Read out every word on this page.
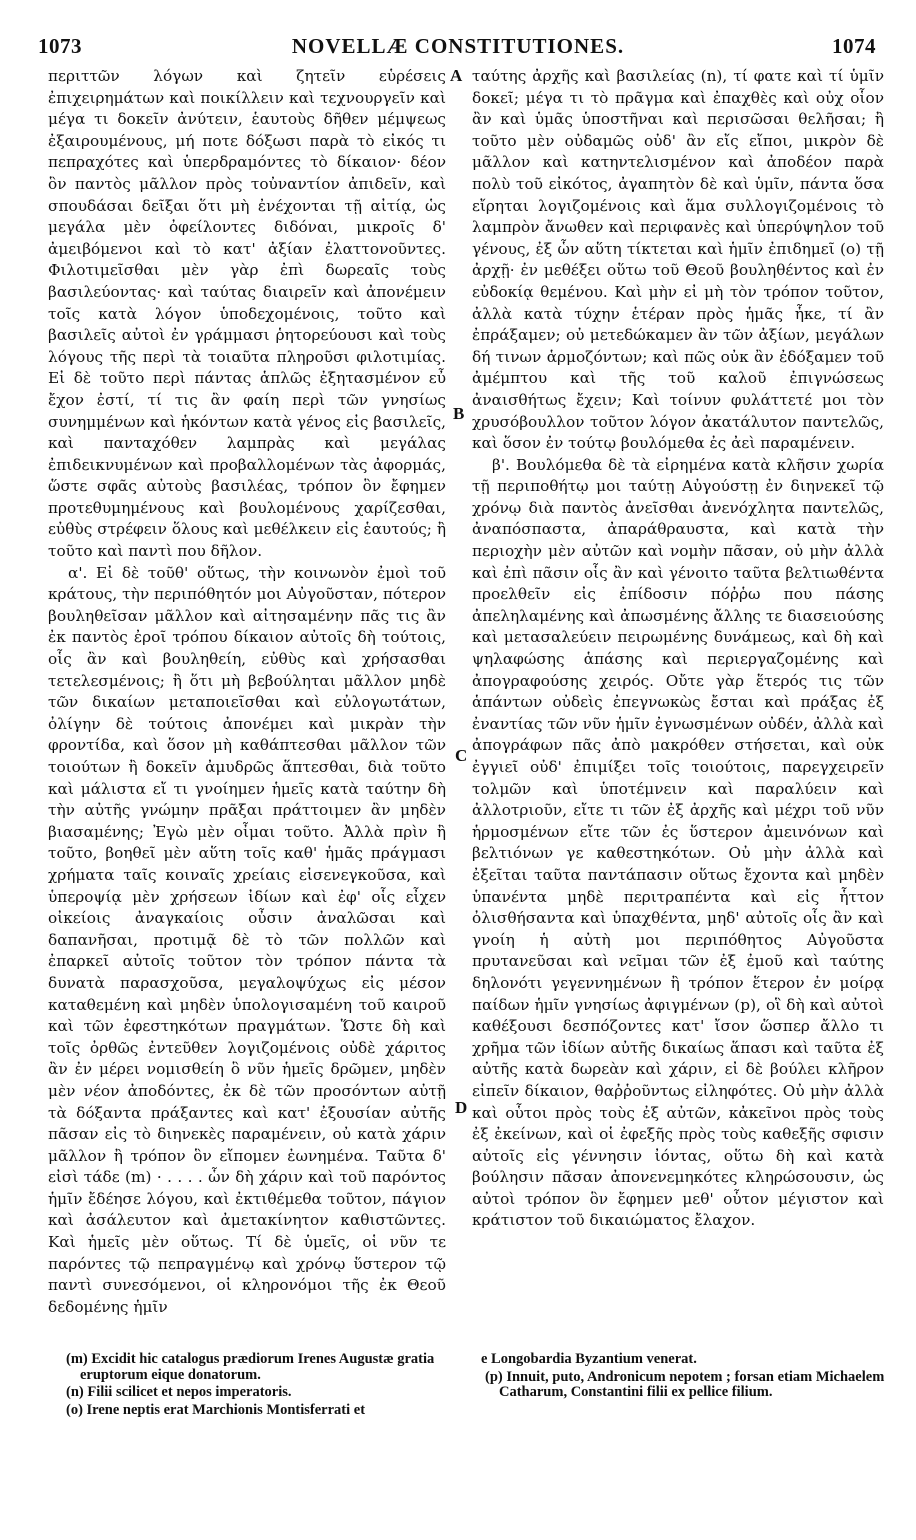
1073	NOVELLÆ CONSTITUTIONES.	1074

περιττῶν λόγων καὶ ζητεῖν εὑρέσεις ἐπιχειρημάτων καὶ ποικίλλειν καὶ τεχνουργεῖν καὶ μέγα τι δοκεῖν ἀνύτειν, ἑαυτοὺς δῆθεν μέμψεως ἐξαιρουμένους, μή ποτε δόξωσι παρὰ τὸ εἰκός τι πεπραχότες καὶ ὑπερδραμόντες τὸ δίκαιον· δέον ὃν παντὸς μᾶλλον πρὸς τοὐναντίον ἀπιδεῖν, καὶ σπουδάσαι δεῖξαι ὅτι μὴ ἐνέχονται τῇ αἰτίᾳ, ὡς μεγάλα μὲν ὀφείλοντες διδόναι, μικροῖς δ' ἀμειβόμενοι καὶ τὸ κατ' ἀξίαν ἐλαττονοῦντες. Φιλοτιμεῖσθαι μὲν γὰρ ἐπὶ δωρεαῖς τοὺς βασιλεύοντας· καὶ ταύτας διαιρεῖν καὶ ἀπονέμειν τοῖς κατὰ λόγον ὑποδεχομένοις, τοῦτο καὶ βασιλεῖς αὐτοὶ ἐν γράμμασι ῥητορεύουσι καὶ τοὺς λόγους τῆς περὶ τὰ τοιαῦτα πληροῦσι φιλοτιμίας. Εἰ δὲ τοῦτο περὶ πάντας ἁπλῶς ἐξητασμένον εὖ ἔχον ἐστί, τί τις ἂν φαίη περὶ τῶν γνησίως συνημμένων καὶ ἡκόντων κατὰ γένος εἰς βασιλεῖς, καὶ πανταχόθεν λαμπρὰς καὶ μεγάλας ἐπιδεικνυμένων καὶ προβαλλομένων τὰς ἀφορμάς, ὥστε σφᾶς αὐτοὺς βασιλέας, τρόπον ὃν ἔφημεν προτεθυμημένους καὶ βουλομένους χαρίζεσθαι, εὐθὺς στρέφειν ὅλους καὶ μεθέλκειν εἰς ἑαυτούς; ἢ τοῦτο καὶ παντὶ που δῆλον.

α'. Εἰ δὲ τοῦθ' οὕτως, τὴν κοινωνὸν ἐμοὶ τοῦ κράτους, τὴν περιπόθητόν μοι Αὐγοῦσταν, πότερον βουληθεῖσαν μᾶλλον καὶ αἰτησαμένην πᾶς τις ἂν ἐκ παντὸς ἐροῖ τρόπου δίκαιον αὐτοῖς δὴ τούτοις, οἷς ἂν καὶ βουληθείη, εὐθὺς καὶ χρήσασθαι τετελεσμένοις; ἢ ὅτι μὴ βεβούληται μᾶλλον μηδὲ τῶν δικαίων μεταποιεῖσθαι καὶ εὐλογωτάτων, ὀλίγην δὲ τούτοις ἀπονέμει καὶ μικρὰν τὴν φροντίδα, καὶ ὅσον μὴ καθάπτεσθαι μᾶλλον τῶν τοιούτων ἢ δοκεῖν ἀμυδρῶς ἅπτεσθαι, διὰ τοῦτο καὶ μάλιστα εἴ τι γνοίημεν ἡμεῖς κατὰ ταύτην δὴ τὴν αὐτῆς γνώμην πρᾶξαι πράττοιμεν ἂν μηδὲν βιασαμένης; Ἐγὼ μὲν οἶμαι τοῦτο. Ἀλλὰ πρὶν ἢ τοῦτο, βοηθεῖ μὲν αὕτη τοῖς καθ' ἡμᾶς πράγμασι χρήματα ταῖς κοιναῖς χρείαις εἰσενεγκοῦσα, καὶ ὑπεροψίᾳ μὲν χρήσεων ἰδίων καὶ ἐφ' οἷς εἶχεν οἰκείοις ἀναγκαίοις οὖσιν ἀναλῶσαι καὶ δαπανῆσαι, προτιμᾷ δὲ τὸ τῶν πολλῶν καὶ ἐπαρκεῖ αὐτοῖς τοῦτον τὸν τρόπον πάντα τὰ δυνατὰ παρασχοῦσα, μεγαλοψύχως εἰς μέσον καταθεμένη καὶ μηδὲν ὑπολογισαμένη τοῦ καιροῦ καὶ τῶν ἐφεστηκότων πραγμάτων. Ὥστε δὴ καὶ τοῖς ὀρθῶς ἐντεῦθεν λογιζομένοις οὐδὲ χάριτος ἂν ἐν μέρει νομισθείη ὃ νῦν ἡμεῖς δρῶμεν, μηδὲν μὲν νέον ἀποδόντες, ἐκ δὲ τῶν προσόντων αὐτῇ τὰ δόξαντα πράξαντες καὶ κατ' ἐξουσίαν αὐτῆς πᾶσαν εἰς τὸ διηνεκὲς παραμένειν, οὐ κατὰ χάριν μᾶλλον ἢ τρόπον ὃν εἴπομεν ἐωνημένα. Ταῦτα δ' εἰσὶ τάδε (m) · . . . . ὧν δὴ χάριν καὶ τοῦ παρόντος ἡμῖν ἔδέησε λόγου, καὶ ἐκτιθέμεθα τοῦτον, πάγιον καὶ ἀσάλευτον καὶ ἀμετακίνητον καθιστῶντες. Καὶ ἡμεῖς μὲν οὕτως. Τί δὲ ὑμεῖς, οἱ νῦν τε παρόντες τῷ πεπραγμένῳ καὶ χρόνῳ ὕστερον τῷ παντὶ συνεσόμενοι, οἱ κληρονόμοι τῆς ἐκ Θεοῦ δεδομένης ἡμῖν

A
B
C
D

ταύτης ἀρχῆς καὶ βασιλείας (n), τί φατε καὶ τί ὑμῖν δοκεῖ; μέγα τι τὸ πρᾶγμα καὶ ἐπαχθὲς καὶ οὐχ οἷον ἂν καὶ ὑμᾶς ὑποστῆναι καὶ περισῶσαι θελῆσαι; ἢ τοῦτο μὲν οὐδαμῶς οὐδ' ἂν εἴς εἴποι, μικρὸν δὲ μᾶλλον καὶ κατηντελισμένον καὶ ἀποδέον παρὰ πολὺ τοῦ εἰκότος, ἀγαπητὸν δὲ καὶ ὑμῖν, πάντα ὅσα εἴρηται λογιζομένοις καὶ ἅμα συλλογιζομένοις τὸ λαμπρὸν ἄνωθεν καὶ περιφανὲς καὶ ὑπερύψηλον τοῦ γένους, ἐξ ὧν αὕτη τίκτεται καὶ ἡμῖν ἐπιδημεῖ (o) τῇ ἀρχῇ· ἐν μεθέξει οὕτω τοῦ Θεοῦ βουληθέντος καὶ ἐν εὐδοκίᾳ θεμένου. Καὶ μὴν εἰ μὴ τὸν τρόπον τοῦτον, ἀλλὰ κατὰ τύχην ἑτέραν πρὸς ἡμᾶς ἧκε, τί ἂν ἐπράξαμεν; οὐ μετεδώκαμεν ἂν τῶν ἀξίων, μεγάλων δή τινων ἁρμοζόντων; καὶ πῶς οὐκ ἂν ἐδόξαμεν τοῦ ἀμέμπτου καὶ τῆς τοῦ καλοῦ ἐπιγνώσεως ἀναισθήτως ἔχειν; Καὶ τοίνυν φυλάττετέ μοι τὸν χρυσόβουλλον τοῦτον λόγον ἀκατάλυτον παντελῶς, καὶ ὅσον ἐν τούτῳ βουλόμεθα ἐς ἀεὶ παραμένειν.

β'. Βουλόμεθα δὲ τὰ εἰρημένα κατὰ κλῆσιν χωρία τῇ περιποθήτῳ μοι ταύτῃ Αὐγούστῃ ἐν διηνεκεῖ τῷ χρόνῳ διὰ παντὸς ἀνεῖσθαι ἀνενόχλητα παντελῶς, ἀναπόσπαστα, ἀπαράθραυστα, καὶ κατὰ τὴν περιοχὴν μὲν αὐτῶν καὶ νομὴν πᾶσαν, οὐ μὴν ἀλλὰ καὶ ἐπὶ πᾶσιν οἷς ἂν καὶ γένοιτο ταῦτα βελτιωθέντα προελθεῖν εἰς ἐπίδοσιν πόῤῥω που πάσης ἀπεληλαμένης καὶ ἀπωσμένης ἄλλης τε διασειούσης καὶ μετασαλεύειν πειρωμένης δυνάμεως, καὶ δὴ καὶ ψηλαφώσης ἁπάσης καὶ περιεργαζομένης καὶ ἀπογραφούσης χειρός. Οὔτε γὰρ ἕτερός τις τῶν ἁπάντων οὐδεὶς ἐπεγνωκὼς ἔσται καὶ πράξας ἐξ ἐναντίας τῶν νῦν ἡμῖν ἐγνωσμένων οὐδέν, ἀλλὰ καὶ ἀπογράφων πᾶς ἀπὸ μακρόθεν στήσεται, καὶ οὐκ ἐγγιεῖ οὐδ' ἐπιμίξει τοῖς τοιούτοις, παρεγχειρεῖν τολμῶν καὶ ὑποτέμνειν καὶ παραλύειν καὶ ἀλλοτριοῦν, εἴτε τι τῶν ἐξ ἀρχῆς καὶ μέχρι τοῦ νῦν ἡρμοσμένων εἴτε τῶν ἐς ὕστερον ἀμεινόνων καὶ βελτιόνων γε καθεστηκότων. Οὐ μὴν ἀλλὰ καὶ ἐξεῖται ταῦτα παντάπασιν οὕτως ἔχοντα καὶ μηδὲν ὑπανέντα μηδὲ περιτραπέντα καὶ εἰς ἧττον ὀλισθήσαντα καὶ ὑπαχθέντα, μηδ' αὐτοῖς οἷς ἂν καὶ γνοίη ἡ αὐτὴ μοι περιπόθητος Αὐγοῦστα πρυτανεῦσαι καὶ νεῖμαι τῶν ἐξ ἐμοῦ καὶ ταύτης δηλονότι γεγεννημένων ἢ τρόπον ἕτερον ἐν μοίρᾳ παίδων ἡμῖν γνησίως ἀφιγμένων (p), οἳ δὴ καὶ αὐτοὶ καθέξουσι δεσπόζοντες κατ' ἴσον ὥσπερ ἄλλο τι χρῆμα τῶν ἰδίων αὐτῆς δικαίως ἅπασι καὶ ταῦτα ἐξ αὐτῆς κατὰ δωρεὰν καὶ χάριν, εἰ δὲ βούλει κλῆρον εἰπεῖν δίκαιον, θαῤῥοῦντως εἰληφότες. Οὐ μὴν ἀλλὰ καὶ οὗτοι πρὸς τοὺς ἐξ αὐτῶν, κἀκεῖνοι πρὸς τοὺς ἐξ ἐκείνων, καὶ οἱ ἐφεξῆς πρὸς τοὺς καθεξῆς σφισιν αὐτοῖς εἰς γέννησιν ἰόντας, οὕτω δὴ καὶ κατὰ βούλησιν πᾶσαν ἀπονενεμηκότες κληρώσουσιν, ὡς αὐτοὶ τρόπον ὃν ἔφημεν μεθ' οὗτον μέγιστον καὶ κράτιστον τοῦ δικαιώματος ἔλαχον.

(m) Excidit hic catalogus prædiorum Irenes Augustæ gratia eruptorum eique donatorum.
(n) Filii scilicet et nepos imperatoris.
(o) Irene neptis erat Marchionis Montisferrati et
e Longobardia Byzantium venerat.
(p) Innuit, puto, Andronicum nepotem ; forsan etiam Michaelem Catharum, Constantini filii ex pellice filium.
